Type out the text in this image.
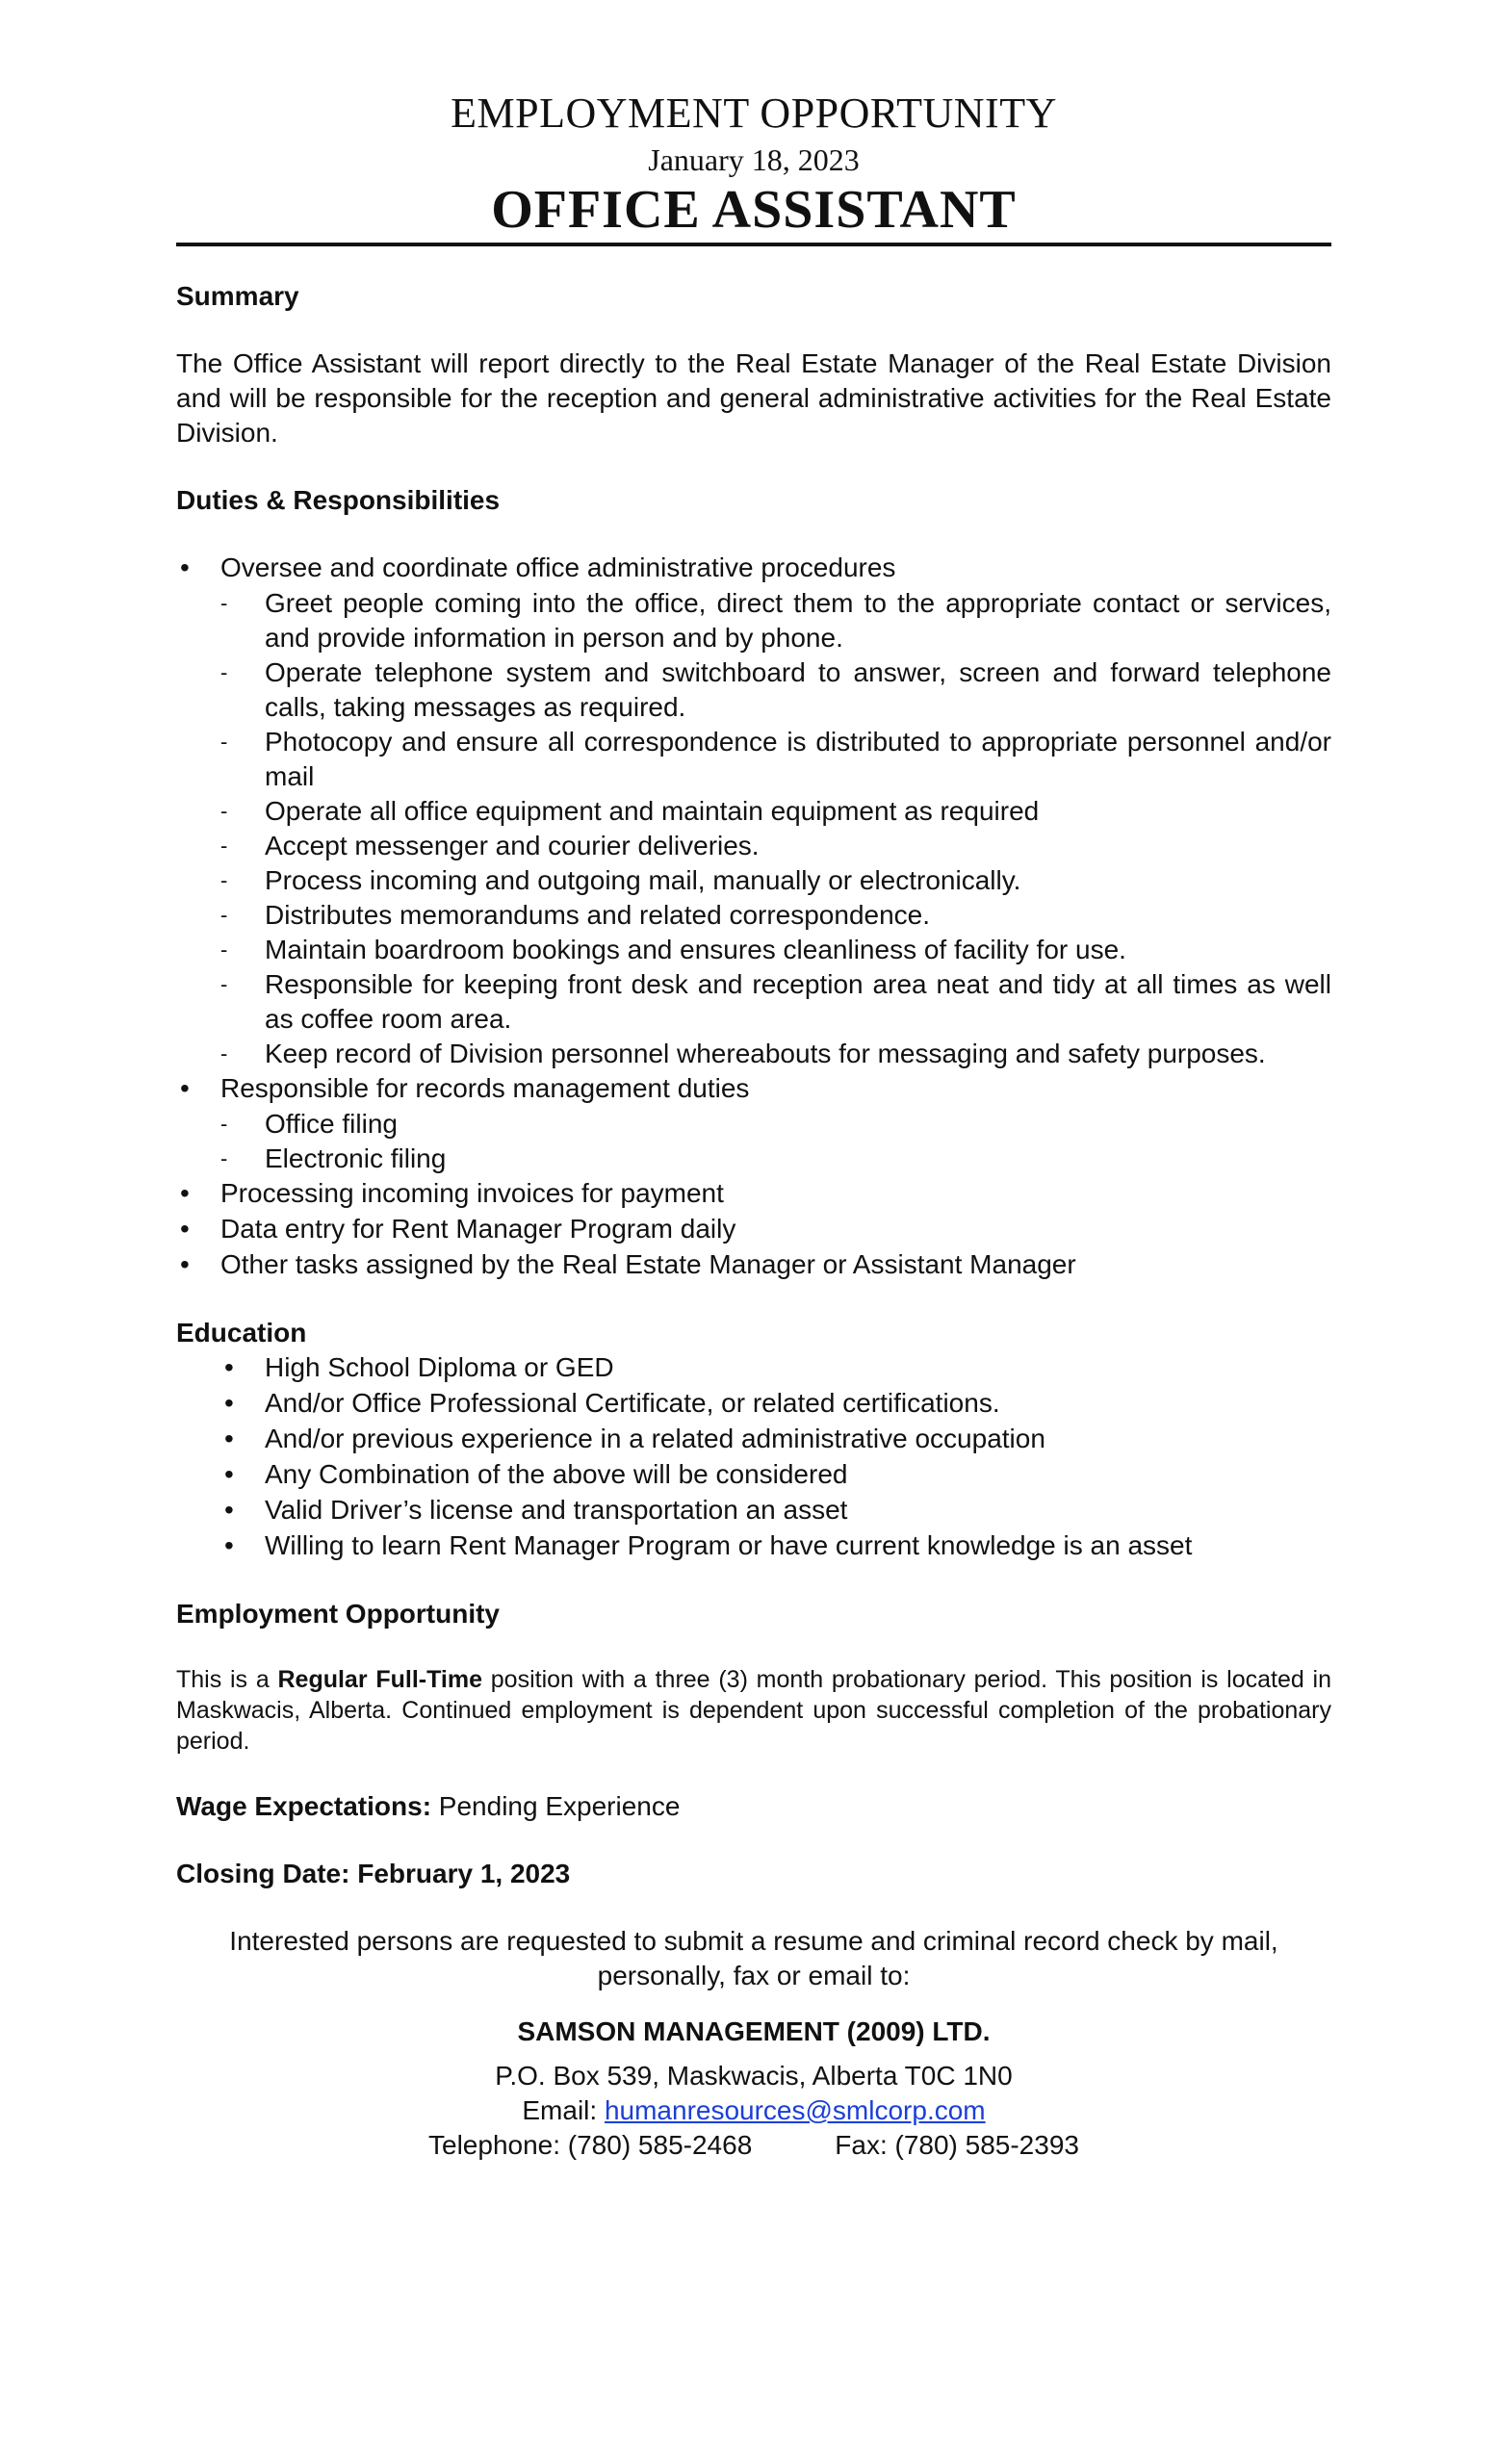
EMPLOYMENT OPPORTUNITY
January 18, 2023
OFFICE ASSISTANT
Summary

The Office Assistant will report directly to the Real Estate Manager of the Real Estate Division and will be responsible for the reception and general administrative activities for the Real Estate Division.

Duties & Responsibilities
• Oversee and coordinate office administrative procedures
- Greet people coming into the office, direct them to the appropriate contact or services, and provide information in person and by phone.
- Operate telephone system and switchboard to answer, screen and forward telephone calls, taking messages as required.
- Photocopy and ensure all correspondence is distributed to appropriate personnel and/or mail
- Operate all office equipment and maintain equipment as required
- Accept messenger and courier deliveries.
- Process incoming and outgoing mail, manually or electronically.
- Distributes memorandums and related correspondence.
- Maintain boardroom bookings and ensures cleanliness of facility for use.
- Responsible for keeping front desk and reception area neat and tidy at all times as well as coffee room area.
- Keep record of Division personnel whereabouts for messaging and safety purposes.
• Responsible for records management duties
- Office filing
- Electronic filing
• Processing incoming invoices for payment
• Data entry for Rent Manager Program daily
• Other tasks assigned by the Real Estate Manager or Assistant Manager
Education
• High School Diploma or GED
• And/or Office Professional Certificate, or related certifications.
• And/or previous experience in a related administrative occupation
• Any Combination of the above will be considered
• Valid Driver’s license and transportation an asset
• Willing to learn Rent Manager Program or have current knowledge is an asset
Employment Opportunity

This is a Regular Full-Time position with a three (3) month probationary period. This position is located in Maskwacis, Alberta. Continued employment is dependent upon successful completion of the probationary period.

Wage Expectations: Pending Experience
Closing Date: February 1, 2023
Interested persons are requested to submit a resume and criminal record check by mail, personally, fax or email to:
SAMSON MANAGEMENT (2009) LTD.
P.O. Box 539, Maskwacis, Alberta T0C 1N0
Email: humanresources@smlcorp.com
Telephone: (780) 585-2468	Fax: (780) 585-2393
